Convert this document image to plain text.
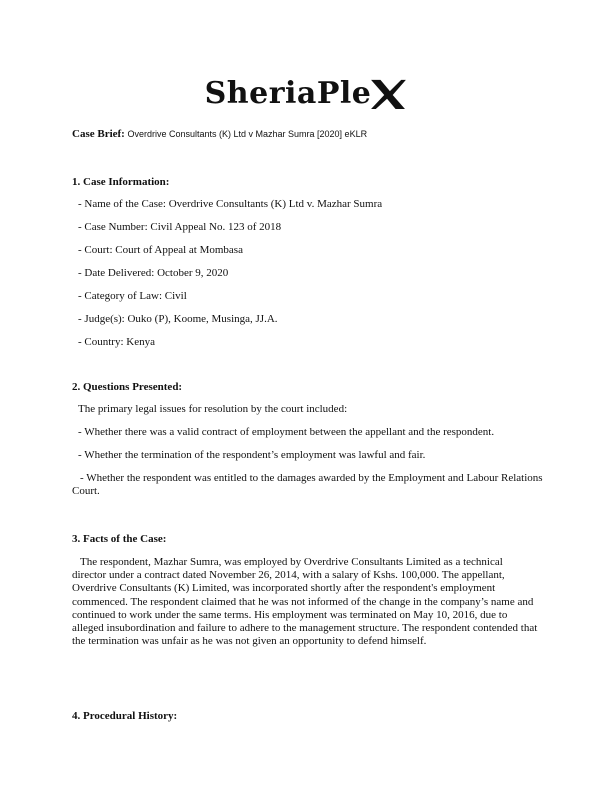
SheriaPle
Case Brief: Overdrive Consultants (K) Ltd v Mazhar Sumra [2020] eKLR
1. Case Information:
- Name of the Case: Overdrive Consultants (K) Ltd v. Mazhar Sumra
- Case Number: Civil Appeal No. 123 of 2018
- Court: Court of Appeal at Mombasa
- Date Delivered: October 9, 2020
- Category of Law: Civil
- Judge(s): Ouko (P), Koome, Musinga, JJ.A.
- Country: Kenya
2. Questions Presented:
The primary legal issues for resolution by the court included:
- Whether there was a valid contract of employment between the appellant and the respondent.
- Whether the termination of the respondent’s employment was lawful and fair.
- Whether the respondent was entitled to the damages awarded by the Employment and Labour Relations Court.
3. Facts of the Case:
The respondent, Mazhar Sumra, was employed by Overdrive Consultants Limited as a technical director under a contract dated November 26, 2014, with a salary of Kshs. 100,000. The appellant, Overdrive Consultants (K) Limited, was incorporated shortly after the respondent's employment commenced. The respondent claimed that he was not informed of the change in the company’s name and continued to work under the same terms. His employment was terminated on May 10, 2016, due to alleged insubordination and failure to adhere to the management structure. The respondent contended that the termination was unfair as he was not given an opportunity to defend himself.
4. Procedural History:
